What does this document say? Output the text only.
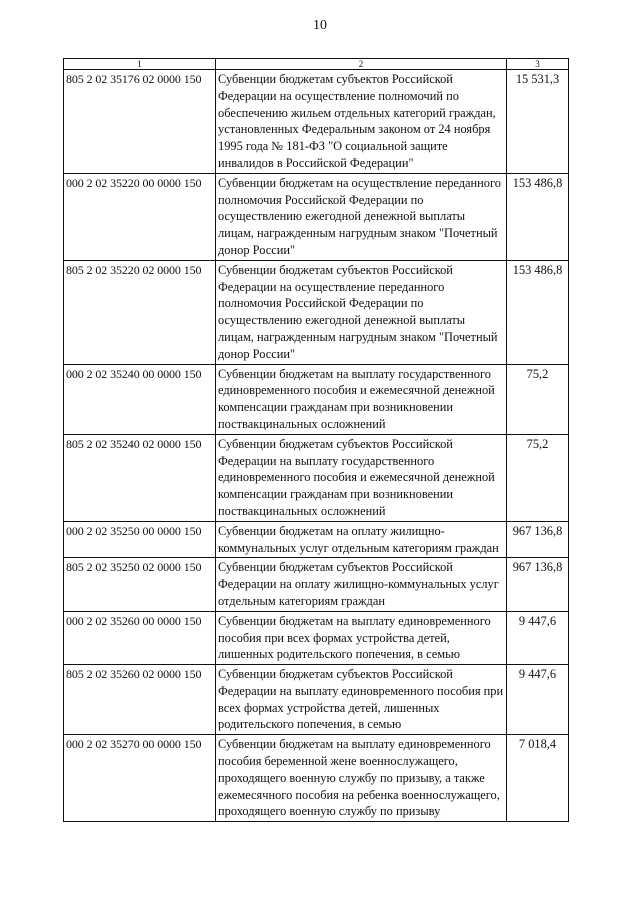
10
1	2	3
805 2 02 35176 02 0000 150	Субвенции бюджетам субъектов Российской Федерации на осуществление полномочий по обеспечению жильем отдельных категорий граждан, установленных Федеральным законом от 24 ноября 1995 года № 181-ФЗ "О социальной защите инвалидов в Российской Федерации"	15 531,3
000 2 02 35220 00 0000 150	Субвенции бюджетам на осуществление переданного полномочия Российской Федерации по осуществлению ежегодной денежной выплаты лицам, награжденным нагрудным знаком "Почетный донор России"	153 486,8
805 2 02 35220 02 0000 150	Субвенции бюджетам субъектов Российской Федерации на осуществление переданного полномочия Российской Федерации по осуществлению ежегодной денежной выплаты лицам, награжденным нагрудным знаком "Почетный донор России"	153 486,8
000 2 02 35240 00 0000 150	Субвенции бюджетам на выплату государственного единовременного пособия и ежемесячной денежной компенсации гражданам при возникновении поствакцинальных осложнений	75,2
805 2 02 35240 02 0000 150	Субвенции бюджетам субъектов Российской Федерации на выплату государственного единовременного пособия и ежемесячной денежной компенсации гражданам при возникновении поствакцинальных осложнений	75,2
000 2 02 35250 00 0000 150	Субвенции бюджетам на оплату жилищно-коммунальных услуг отдельным категориям граждан	967 136,8
805 2 02 35250 02 0000 150	Субвенции бюджетам субъектов Российской Федерации на оплату жилищно-коммунальных услуг отдельным категориям граждан	967 136,8
000 2 02 35260 00 0000 150	Субвенции бюджетам на выплату единовременного пособия при всех формах устройства детей, лишенных родительского попечения, в семью	9 447,6
805 2 02 35260 02 0000 150	Субвенции бюджетам субъектов Российской Федерации на выплату единовременного пособия при всех формах устройства детей, лишенных родительского попечения, в семью	9 447,6
000 2 02 35270 00 0000 150	Субвенции бюджетам на выплату единовременного пособия беременной жене военнослужащего, проходящего военную службу по призыву, а также ежемесячного пособия на ребенка военнослужащего, проходящего военную службу по призыву	7 018,4
